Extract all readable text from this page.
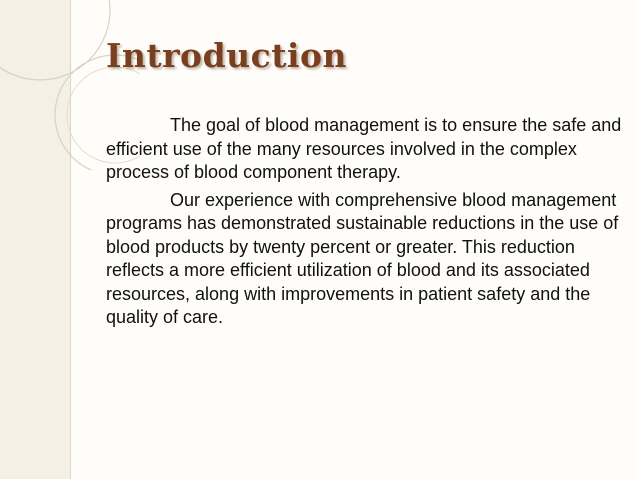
Introduction

The goal of blood management is to ensure the safe and efficient use of the many resources involved in the complex process of blood component therapy.

Our experience with comprehensive blood management programs has demonstrated sustainable reductions in the use of blood products by twenty percent or greater. This reduction reflects a more efficient utilization of blood and its associated resources, along with improvements in patient safety and the quality of care.
